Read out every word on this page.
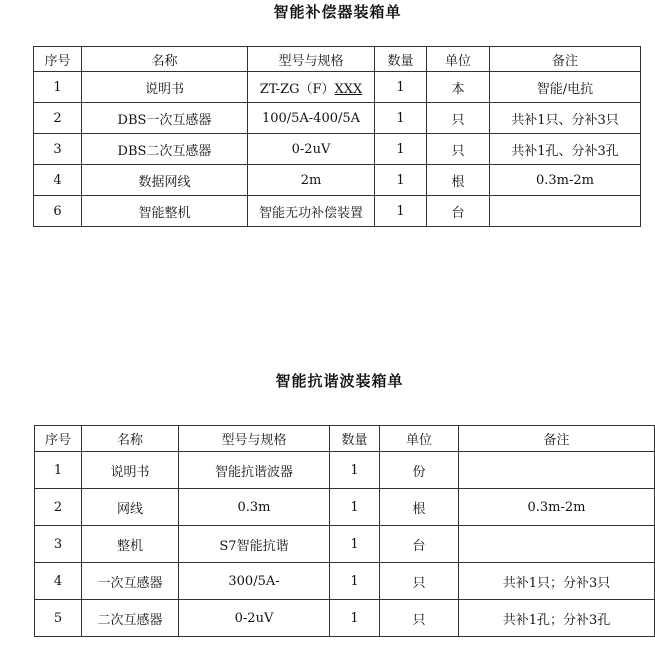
智能补偿器装箱单
序号	名称	型号与规格	数量	单位	备注
1	说明书	ZT-ZG（F）XXX	1	本	智能/电抗
2	DBS一次互感器	100/5A-400/5A	1	只	共补1只、分补3只
3	DBS二次互感器	0-2uV	1	只	共补1孔、分补3孔
4	数据网线	2m	1	根	0.3m-2m
6	智能整机	智能无功补偿装置	1	台	
智能抗谐波装箱单
序号	名称	型号与规格	数量	单位	备注
1	说明书	智能抗谐波器	1	份	
2	网线	0.3m	1	根	0.3m-2m
3	整机	S7智能抗谐	1	台	
4	一次互感器	300/5A-	1	只	共补1只；分补3只
5	二次互感器	0-2uV	1	只	共补1孔；分补3孔
